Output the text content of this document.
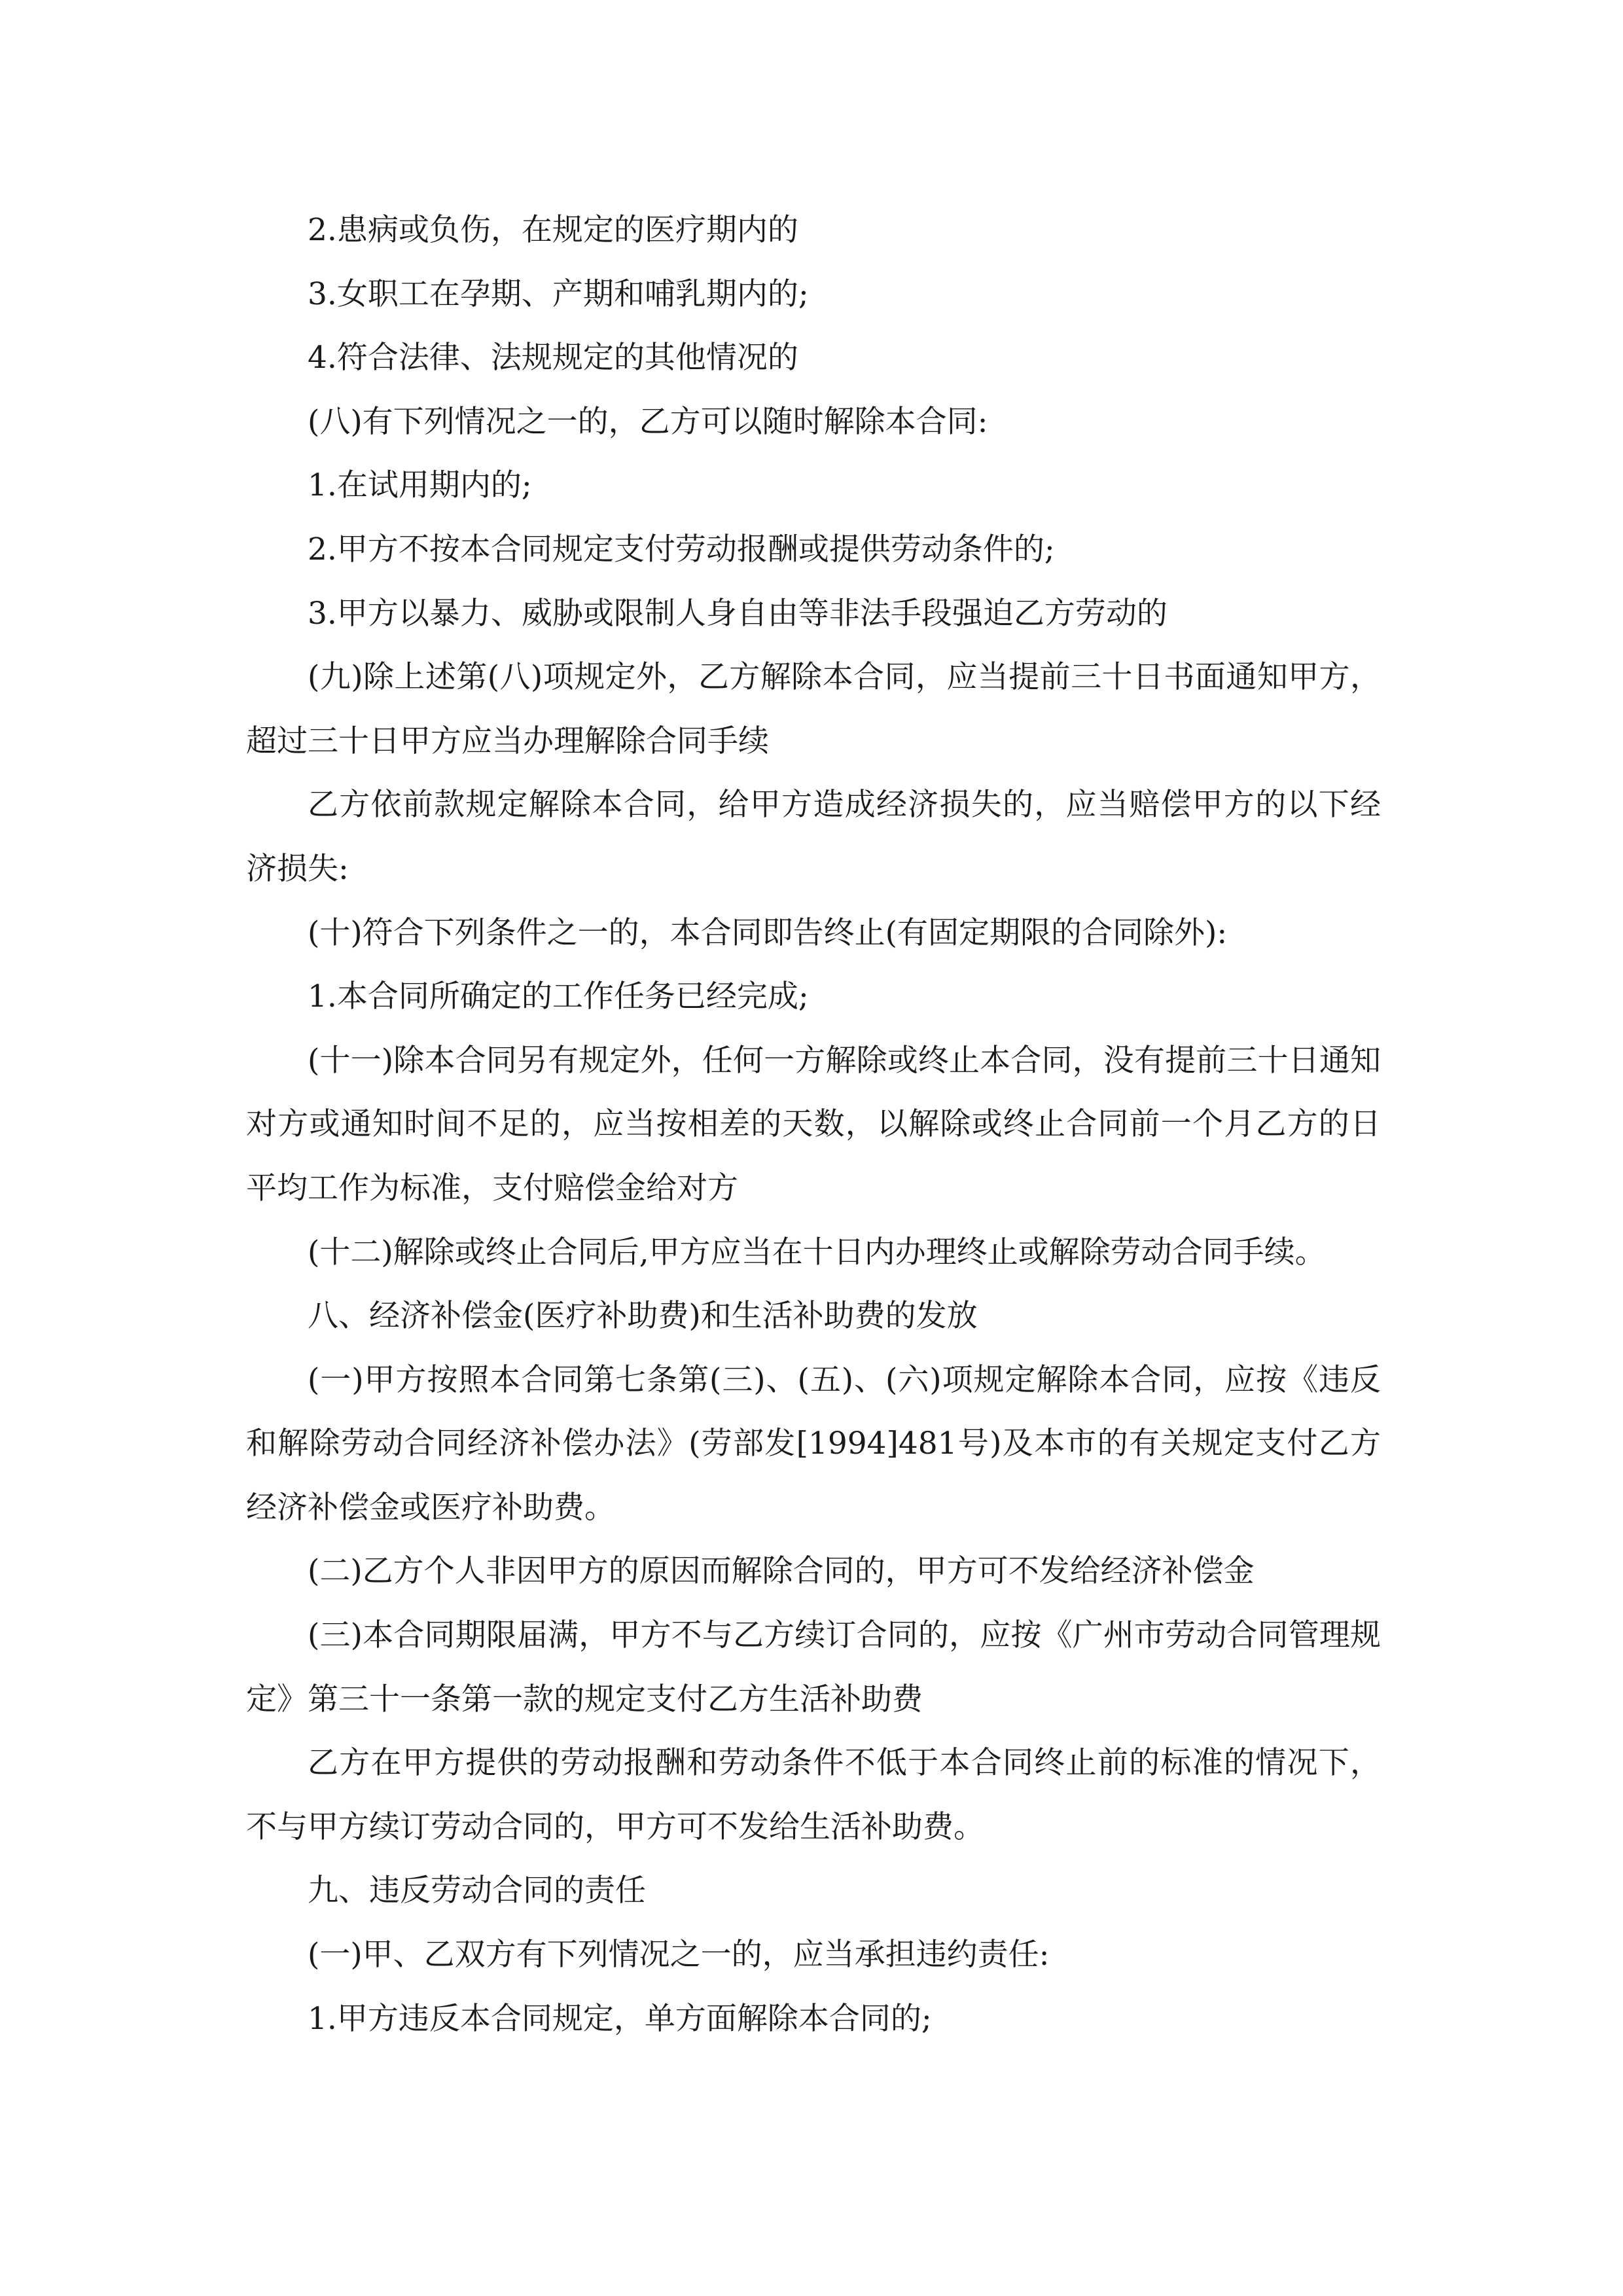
2.患病或负伤，在规定的医疗期内的

3.女职工在孕期、产期和哺乳期内的;

4.符合法律、法规规定的其他情况的

(八)有下列情况之一的，乙方可以随时解除本合同:

1.在试用期内的;

2.甲方不按本合同规定支付劳动报酬或提供劳动条件的;

3.甲方以暴力、威胁或限制人身自由等非法手段强迫乙方劳动的

(九)除上述第(八)项规定外，乙方解除本合同，应当提前三十日书面通知甲方，超过三十日甲方应当办理解除合同手续

乙方依前款规定解除本合同，给甲方造成经济损失的，应当赔偿甲方的以下经济损失:

(十)符合下列条件之一的，本合同即告终止(有固定期限的合同除外):

1.本合同所确定的工作任务已经完成;

(十一)除本合同另有规定外，任何一方解除或终止本合同，没有提前三十日通知对方或通知时间不足的，应当按相差的天数，以解除或终止合同前一个月乙方的日平均工作为标准，支付赔偿金给对方

(十二)解除或终止合同后,甲方应当在十日内办理终止或解除劳动合同手续。

八、经济补偿金(医疗补助费)和生活补助费的发放

(一)甲方按照本合同第七条第(三)、(五)、(六)项规定解除本合同，应按《违反和解除劳动合同经济补偿办法》(劳部发[1994]481号)及本市的有关规定支付乙方经济补偿金或医疗补助费。

(二)乙方个人非因甲方的原因而解除合同的，甲方可不发给经济补偿金

(三)本合同期限届满，甲方不与乙方续订合同的，应按《广州市劳动合同管理规定》第三十一条第一款的规定支付乙方生活补助费

乙方在甲方提供的劳动报酬和劳动条件不低于本合同终止前的标准的情况下，不与甲方续订劳动合同的，甲方可不发给生活补助费。

九、违反劳动合同的责任

(一)甲、乙双方有下列情况之一的，应当承担违约责任:

1.甲方违反本合同规定，单方面解除本合同的;
